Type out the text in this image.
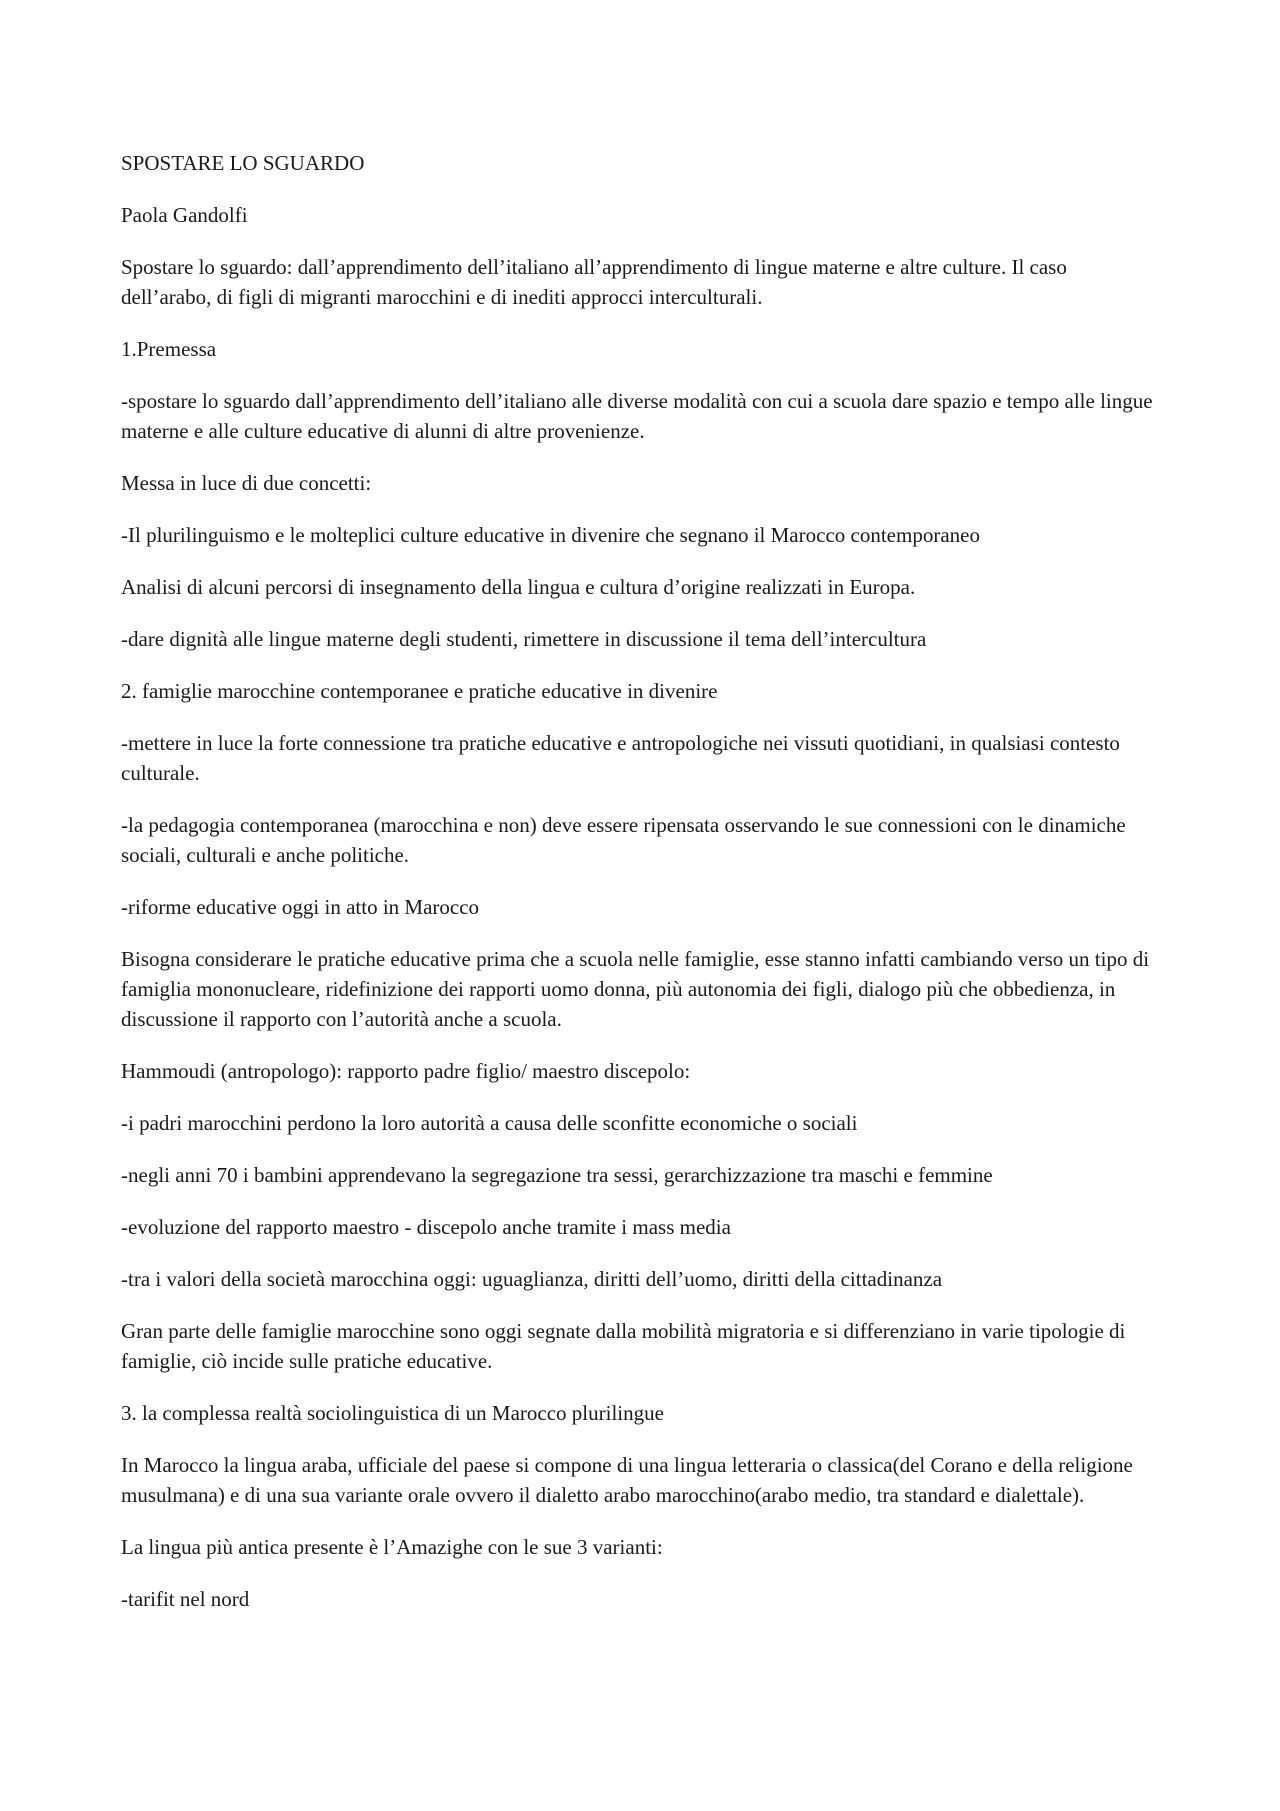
SPOSTARE LO SGUARDO

Paola Gandolfi

Spostare lo sguardo: dall’apprendimento dell’italiano all’apprendimento di lingue materne e altre culture. Il caso dell’arabo, di figli di migranti marocchini e di inediti approcci interculturali.

1.Premessa

-spostare lo sguardo dall’apprendimento dell’italiano alle diverse modalità con cui a scuola dare spazio e tempo alle lingue materne e alle culture educative di alunni di altre provenienze.

Messa in luce di due concetti:

-Il plurilinguismo e le molteplici culture educative in divenire che segnano il Marocco contemporaneo

Analisi di alcuni percorsi di insegnamento della lingua e cultura d’origine realizzati in Europa.

-dare dignità alle lingue materne degli studenti, rimettere in discussione il tema dell’intercultura

2. famiglie marocchine contemporanee e pratiche educative in divenire

-mettere in luce la forte connessione tra pratiche educative e antropologiche nei vissuti quotidiani, in qualsiasi contesto culturale.

-la pedagogia contemporanea (marocchina e non) deve essere ripensata osservando le sue connessioni con le dinamiche sociali, culturali e anche politiche.

-riforme educative oggi in atto in Marocco

Bisogna considerare le pratiche educative prima che a scuola nelle famiglie, esse stanno infatti cambiando verso un tipo di famiglia mononucleare, ridefinizione dei rapporti uomo donna, più autonomia dei figli, dialogo più che obbedienza, in discussione il rapporto con l’autorità anche a scuola.

Hammoudi (antropologo): rapporto padre figlio/ maestro discepolo:

-i padri marocchini perdono la loro autorità a causa delle sconfitte economiche o sociali

-negli anni 70 i bambini apprendevano la segregazione tra sessi, gerarchizzazione tra maschi e femmine

-evoluzione del rapporto maestro - discepolo anche tramite i mass media

-tra i valori della società marocchina oggi: uguaglianza, diritti dell’uomo, diritti della cittadinanza

Gran parte delle famiglie marocchine sono oggi segnate dalla mobilità migratoria e si differenziano in varie tipologie di famiglie, ciò incide sulle pratiche educative.

3. la complessa realtà sociolinguistica di un Marocco plurilingue

In Marocco la lingua araba, ufficiale del paese si compone di una lingua letteraria o classica(del Corano e della religione musulmana) e di una sua variante orale ovvero il dialetto arabo marocchino(arabo medio, tra standard e dialettale).

La lingua più antica presente è l’Amazighe con le sue 3 varianti:

-tarifit nel nord
